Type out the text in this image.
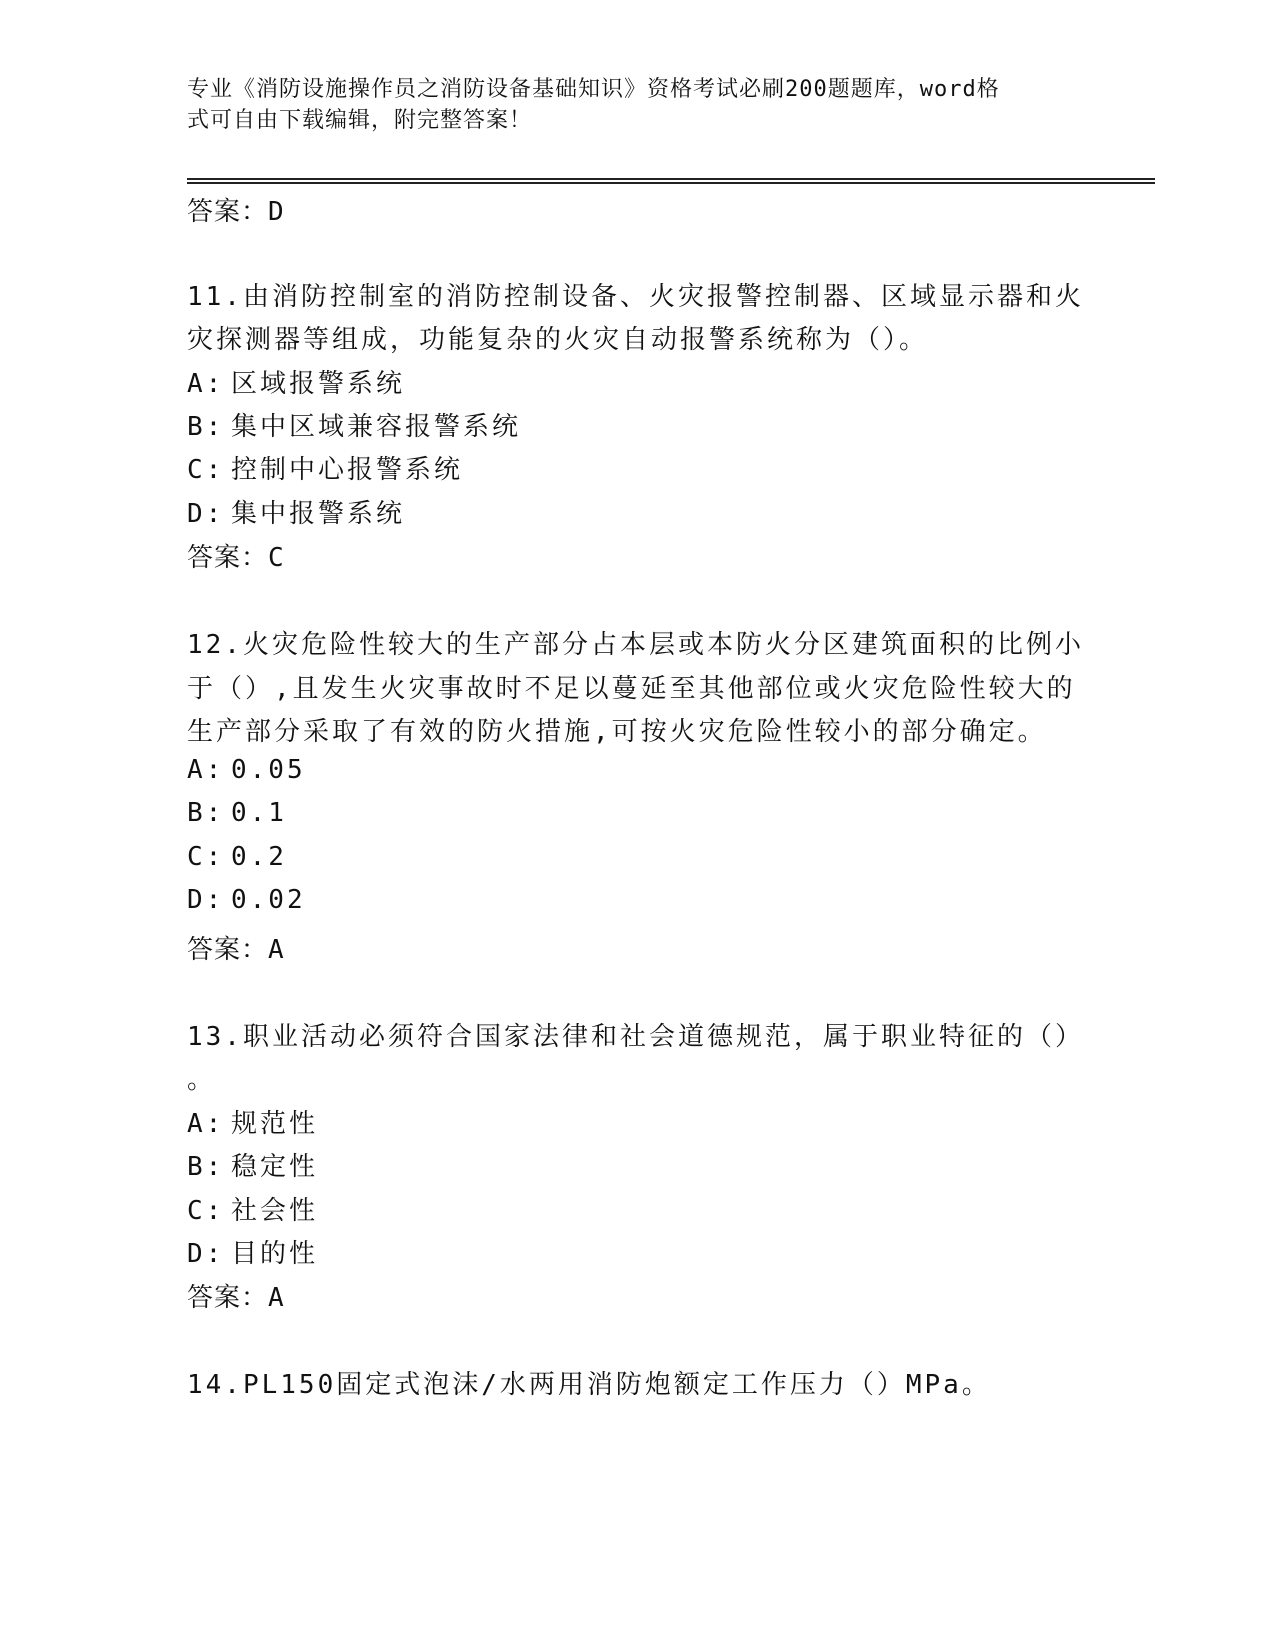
专业《消防设施操作员之消防设备基础知识》资格考试必刷200题题库，word格
式可自由下载编辑，附完整答案！
答案：D
11.由消防控制室的消防控制设备、火灾报警控制器、区域显示器和火
灾探测器等组成，功能复杂的火灾自动报警系统称为（）。
A: 区域报警系统
B: 集中区域兼容报警系统
C: 控制中心报警系统
D: 集中报警系统
答案：C
12.火灾危险性较大的生产部分占本层或本防火分区建筑面积的比例小
于（）,且发生火灾事故时不足以蔓延至其他部位或火灾危险性较大的
生产部分采取了有效的防火措施,可按火灾危险性较小的部分确定。
A: 0.05
B: 0.1
C: 0.2
D: 0.02
答案：A
13.职业活动必须符合国家法律和社会道德规范，属于职业特征的（）
。
A: 规范性
B: 稳定性
C: 社会性
D: 目的性
答案：A
14.PL150固定式泡沫/水两用消防炮额定工作压力（）MPa。
